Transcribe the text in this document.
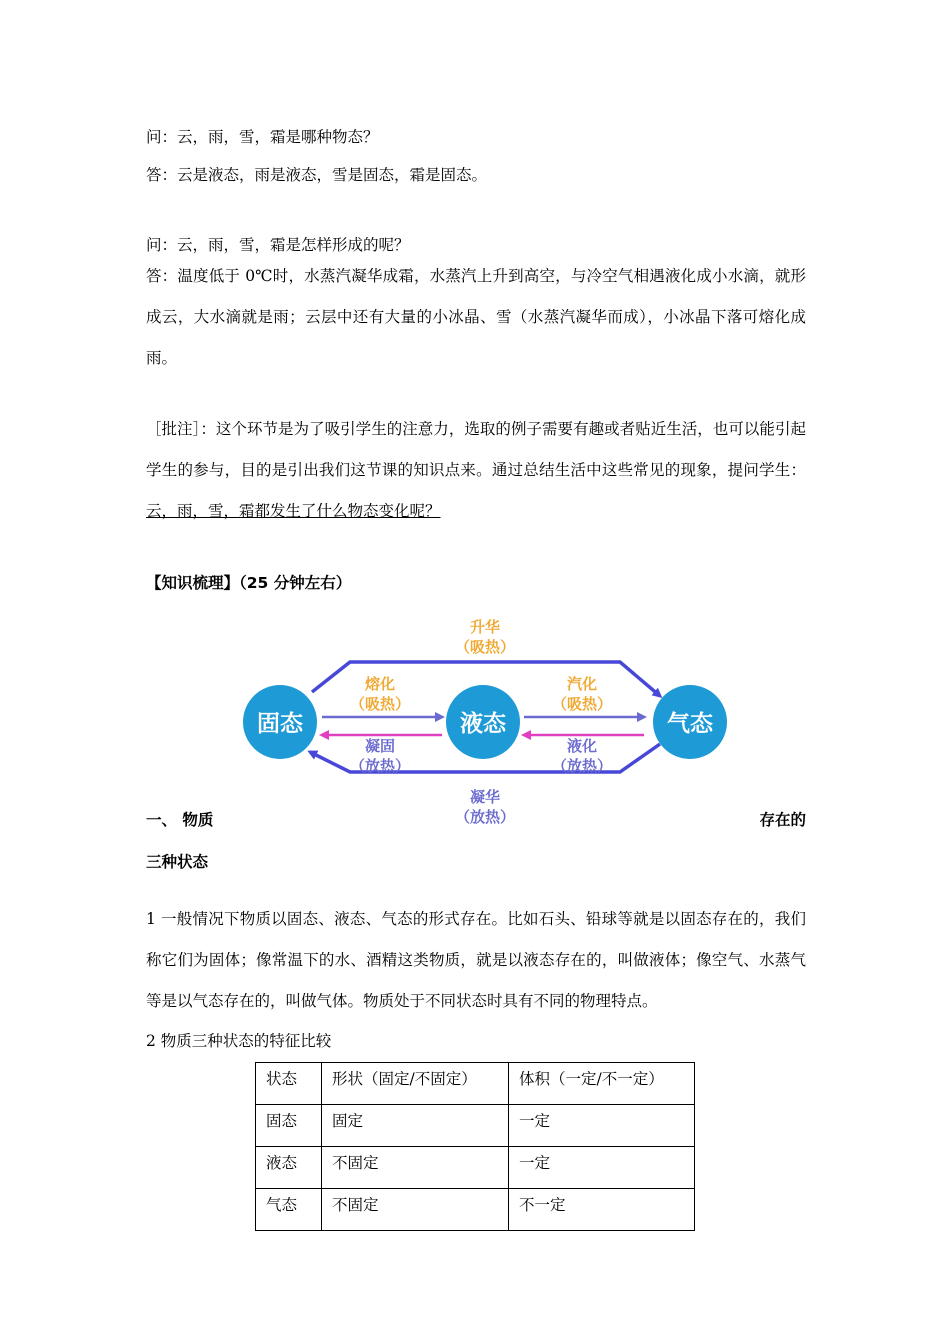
问：云，雨，雪，霜是哪种物态？
答：云是液态，雨是液态，雪是固态，霜是固态。
问：云，雨，雪，霜是怎样形成的呢？
答：温度低于 0℃时，水蒸汽凝华成霜，水蒸汽上升到高空，与冷空气相遇液化成小水滴，就形成云，大水滴就是雨；云层中还有大量的小冰晶、雪（水蒸汽凝华而成），小冰晶下落可熔化成雨。
［批注］：这个环节是为了吸引学生的注意力，选取的例子需要有趣或者贴近生活，也可以能引起学生的参与，目的是引出我们这节课的知识点来。通过总结生活中这些常见的现象，提问学生：云，雨，雪，霜都发生了什么物态变化呢？
【知识梳理】（25 分钟左右）
固态	液态	气态
升华
（吸热）
熔化
（吸热）
汽化
（吸热）
凝固
（放热）
液化
（放热）
凝华
（放热）
一、 物质	存在的
三种状态
1 一般情况下物质以固态、液态、气态的形式存在。比如石头、铅球等就是以固态存在的，我们称它们为固体；像常温下的水、酒精这类物质，就是以液态存在的，叫做液体；像空气、水蒸气等是以气态存在的，叫做气体。物质处于不同状态时具有不同的物理特点。
2 物质三种状态的特征比较
状态	形状（固定/不固定）	体积（一定/不一定）
固态	固定	一定
液态	不固定	一定
气态	不固定	不一定
